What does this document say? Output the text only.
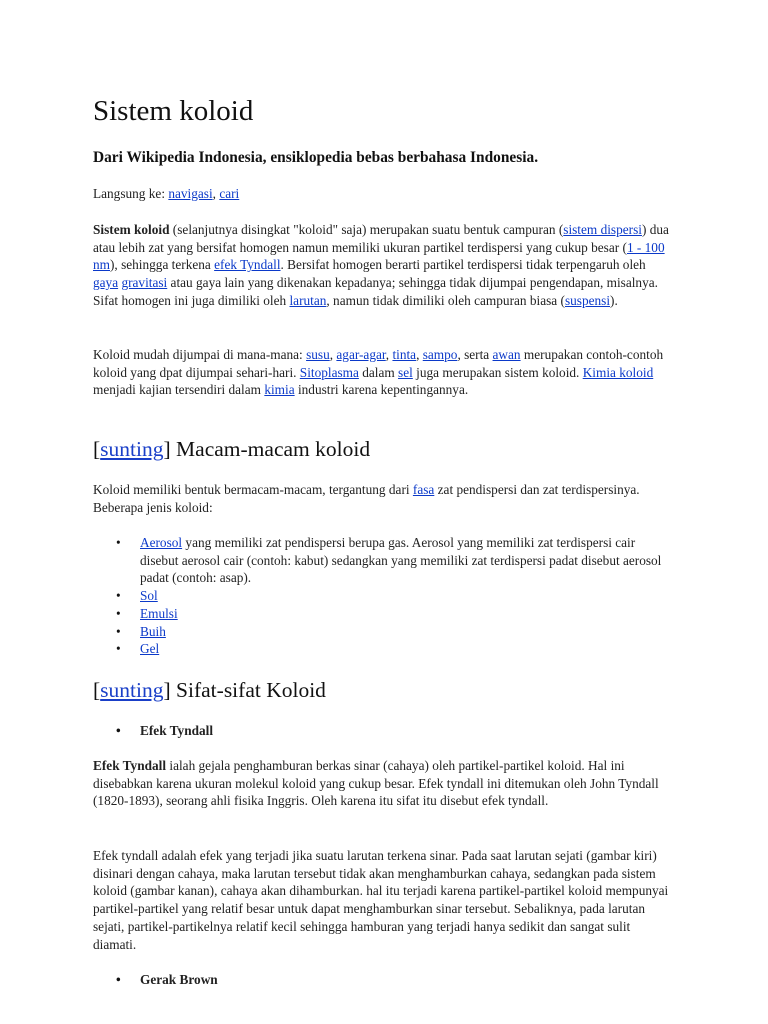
Sistem koloid
Dari Wikipedia Indonesia, ensiklopedia bebas berbahasa Indonesia.

Langsung ke: navigasi, cari

Sistem koloid (selanjutnya disingkat "koloid" saja) merupakan suatu bentuk campuran (sistem dispersi) dua atau lebih zat yang bersifat homogen namun memiliki ukuran partikel terdispersi yang cukup besar (1 - 100 nm), sehingga terkena efek Tyndall. Bersifat homogen berarti partikel terdispersi tidak terpengaruh oleh gaya gravitasi atau gaya lain yang dikenakan kepadanya; sehingga tidak dijumpai pengendapan, misalnya. Sifat homogen ini juga dimiliki oleh larutan, namun tidak dimiliki oleh campuran biasa (suspensi).

Koloid mudah dijumpai di mana-mana: susu, agar-agar, tinta, sampo, serta awan merupakan contoh-contoh koloid yang dpat dijumpai sehari-hari. Sitoplasma dalam sel juga merupakan sistem koloid. Kimia koloid menjadi kajian tersendiri dalam kimia industri karena kepentingannya.

[sunting] Macam-macam koloid

Koloid memiliki bentuk bermacam-macam, tergantung dari fasa zat pendispersi dan zat terdispersinya. Beberapa jenis koloid:

• Aerosol yang memiliki zat pendispersi berupa gas. Aerosol yang memiliki zat terdispersi cair disebut aerosol cair (contoh: kabut) sedangkan yang memiliki zat terdispersi padat disebut aerosol padat (contoh: asap).
• Sol
• Emulsi
• Buih
• Gel
[sunting] Sifat-sifat Koloid
• Efek Tyndall

Efek Tyndall ialah gejala penghamburan berkas sinar (cahaya) oleh partikel-partikel koloid. Hal ini disebabkan karena ukuran molekul koloid yang cukup besar. Efek tyndall ini ditemukan oleh John Tyndall (1820-1893), seorang ahli fisika Inggris. Oleh karena itu sifat itu disebut efek tyndall.

Efek tyndall adalah efek yang terjadi jika suatu larutan terkena sinar. Pada saat larutan sejati (gambar kiri) disinari dengan cahaya, maka larutan tersebut tidak akan menghamburkan cahaya, sedangkan pada sistem koloid (gambar kanan), cahaya akan dihamburkan. hal itu terjadi karena partikel-partikel koloid mempunyai partikel-partikel yang relatif besar untuk dapat menghamburkan sinar tersebut. Sebaliknya, pada larutan sejati, partikel-partikelnya relatif kecil sehingga hamburan yang terjadi hanya sedikit dan sangat sulit diamati.

• Gerak Brown
